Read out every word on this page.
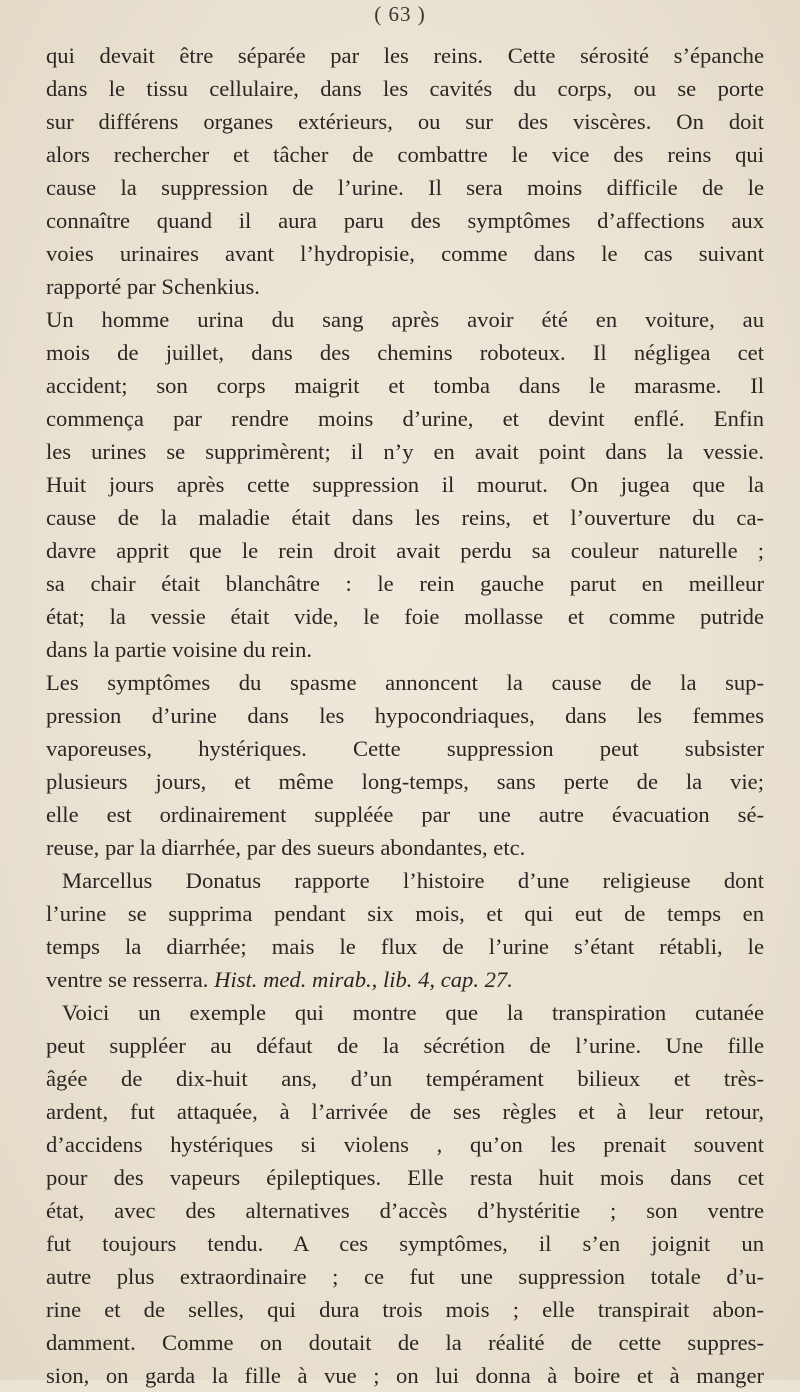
( 63 )
qui devait être séparée par les reins. Cette sérosité s’épanche
dans le tissu cellulaire, dans les cavités du corps, ou se porte
sur différens organes extérieurs, ou sur des viscères. On doit
alors rechercher et tâcher de combattre le vice des reins qui
cause la suppression de l’urine. Il sera moins difficile de le
connaître quand il aura paru des symptômes d’affections aux
voies urinaires avant l’hydropisie, comme dans le cas suivant
rapporté par Schenkius.
Un homme urina du sang après avoir été en voiture, au
mois de juillet, dans des chemins roboteux. Il négligea cet
accident; son corps maigrit et tomba dans le marasme. Il
commença par rendre moins d’urine, et devint enflé. Enfin
les urines se supprimèrent; il n’y en avait point dans la vessie.
Huit jours après cette suppression il mourut. On jugea que la
cause de la maladie était dans les reins, et l’ouverture du ca-
davre apprit que le rein droit avait perdu sa couleur naturelle ;
sa chair était blanchâtre : le rein gauche parut en meilleur
état; la vessie était vide, le foie mollasse et comme putride
dans la partie voisine du rein.
Les symptômes du spasme annoncent la cause de la sup-
pression d’urine dans les hypocondriaques, dans les femmes
vaporeuses, hystériques. Cette suppression peut subsister
plusieurs jours, et même long-temps, sans perte de la vie;
elle est ordinairement suppléée par une autre évacuation sé-
reuse, par la diarrhée, par des sueurs abondantes, etc.
Marcellus Donatus rapporte l’histoire d’une religieuse dont
l’urine se supprima pendant six mois, et qui eut de temps en
temps la diarrhée; mais le flux de l’urine s’étant rétabli, le
ventre se resserra. Hist. med. mirab., lib. 4, cap. 27.
Voici un exemple qui montre que la transpiration cutanée
peut suppléer au défaut de la sécrétion de l’urine. Une fille
âgée de dix-huit ans, d’un tempérament bilieux et très-
ardent, fut attaquée, à l’arrivée de ses règles et à leur retour,
d’accidens hystériques si violens , qu’on les prenait souvent
pour des vapeurs épileptiques. Elle resta huit mois dans cet
état, avec des alternatives d’accès d’hystéritie ; son ventre
fut toujours tendu. A ces symptômes, il s’en joignit un
autre plus extraordinaire ; ce fut une suppression totale d’u-
rine et de selles, qui dura trois mois ; elle transpirait abon-
damment. Comme on doutait de la réalité de cette suppres-
sion, on garda la fille à vue ; on lui donna à boire et à manger
